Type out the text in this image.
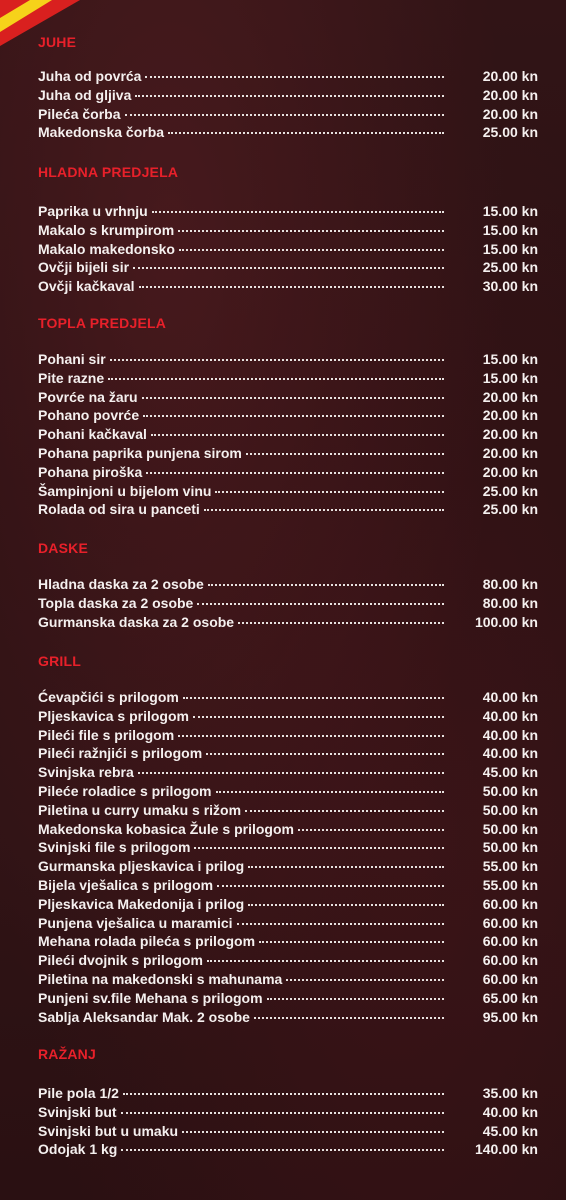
JUHE
Juha od povrća	20.00 kn
Juha od gljiva	20.00 kn
Pileća čorba	20.00 kn
Makedonska čorba	25.00 kn
HLADNA PREDJELA
Paprika u vrhnju	15.00 kn
Makalo s krumpirom	15.00 kn
Makalo makedonsko	15.00 kn
Ovčji bijeli sir	25.00 kn
Ovčji kačkaval	30.00 kn
TOPLA PREDJELA
Pohani sir	15.00 kn
Pite razne	15.00 kn
Povrće na žaru	20.00 kn
Pohano povrće	20.00 kn
Pohani kačkaval	20.00 kn
Pohana paprika punjena sirom	20.00 kn
Pohana piroška	20.00 kn
Šampinjoni u bijelom vinu	25.00 kn
Rolada od sira u panceti	25.00 kn
DASKE
Hladna daska za 2 osobe	80.00 kn
Topla daska za 2 osobe	80.00 kn
Gurmanska daska za 2 osobe	100.00 kn
GRILL
Ćevapčići s prilogom	40.00 kn
Pljeskavica s prilogom	40.00 kn
Pileći file s prilogom	40.00 kn
Pileći ražnjići s prilogom	40.00 kn
Svinjska rebra	45.00 kn
Pileće roladice s prilogom	50.00 kn
Piletina u curry umaku s rižom	50.00 kn
Makedonska kobasica Žule s prilogom	50.00 kn
Svinjski file s prilogom	50.00 kn
Gurmanska pljeskavica i prilog	55.00 kn
Bijela vješalica s prilogom	55.00 kn
Pljeskavica Makedonija i prilog	60.00 kn
Punjena vješalica u maramici	60.00 kn
Mehana rolada pileća s prilogom	60.00 kn
Pileći dvojnik s prilogom	60.00 kn
Piletina na makedonski s mahunama	60.00 kn
Punjeni sv.file Mehana s prilogom	65.00 kn
Sablja Aleksandar Mak. 2 osobe	95.00 kn
RAŽANJ
Pile pola 1/2	35.00 kn
Svinjski but	40.00 kn
Svinjski but u umaku	45.00 kn
Odojak 1 kg	140.00 kn
